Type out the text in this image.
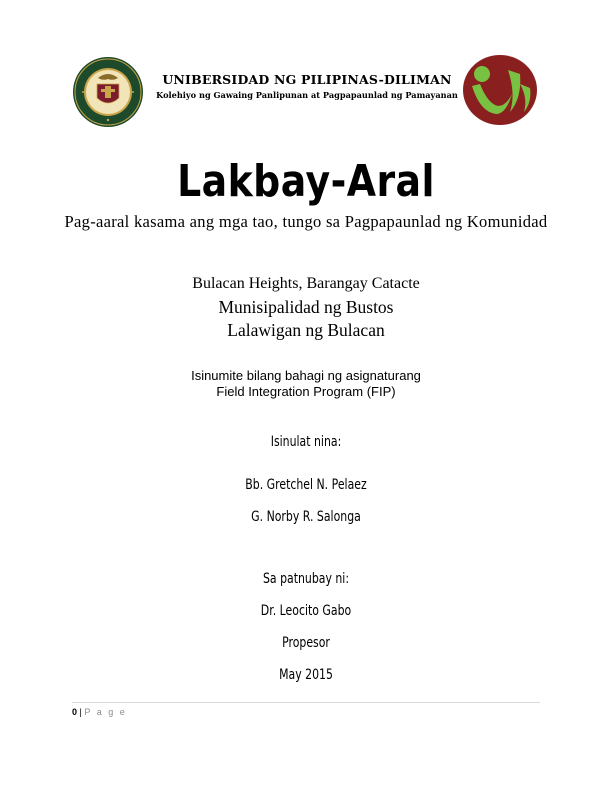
UNIBERSIDAD NG PILIPINAS-DILIMAN
Kolehiyo ng Gawaing Panlipunan at Pagpapaunlad ng Pamayanan
Lakbay-Aral
Pag-aaral kasama ang mga tao, tungo sa Pagpapaunlad ng Komunidad
Bulacan Heights, Barangay Catacte
Munisipalidad ng Bustos
Lalawigan ng Bulacan
Isinumite bilang bahagi ng asignaturang
Field Integration Program (FIP)
Isinulat nina:
Bb. Gretchel N. Pelaez
G. Norby R. Salonga
Sa patnubay ni:
Dr. Leocito Gabo
Propesor
May 2015
0 | P a g e
